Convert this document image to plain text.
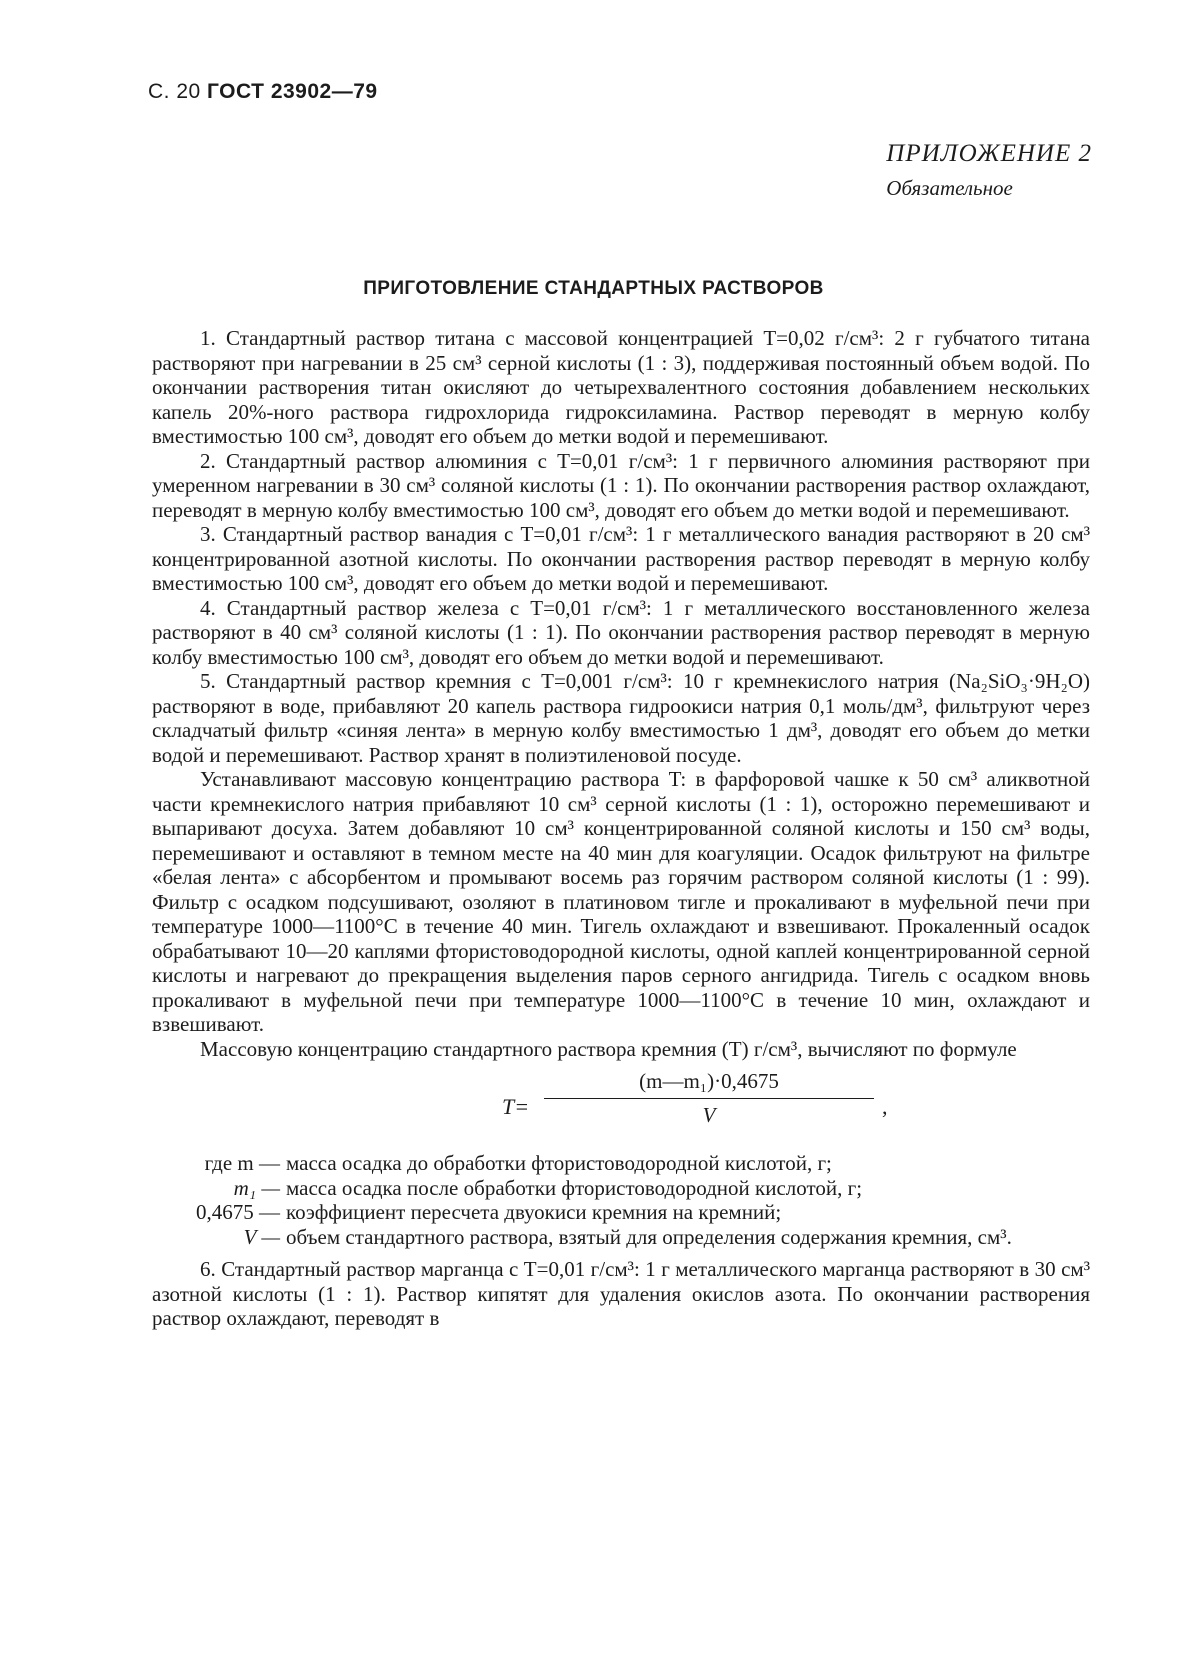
С. 20 ГОСТ 23902—79
ПРИЛОЖЕНИЕ 2
Обязательное
ПРИГОТОВЛЕНИЕ СТАНДАРТНЫХ РАСТВОРОВ

1. Стандартный раствор титана с массовой концентрацией T=0,02 г/см³: 2 г губчатого титана растворяют при нагревании в 25 см³ серной кислоты (1 : 3), поддерживая постоянный объем водой. По окончании растворения титан окисляют до четырехвалентного состояния добавлением нескольких капель 20%-ного раствора гидрохлорида гидроксиламина. Раствор переводят в мерную колбу вместимостью 100 см³, доводят его объем до метки водой и перемешивают.

2. Стандартный раствор алюминия с T=0,01 г/см³: 1 г первичного алюминия растворяют при умеренном нагревании в 30 см³ соляной кислоты (1 : 1). По окончании растворения раствор охлаждают, переводят в мерную колбу вместимостью 100 см³, доводят его объем до метки водой и перемешивают.

3. Стандартный раствор ванадия с T=0,01 г/см³: 1 г металлического ванадия растворяют в 20 см³ концентрированной азотной кислоты. По окончании растворения раствор переводят в мерную колбу вместимостью 100 см³, доводят его объем до метки водой и перемешивают.

4. Стандартный раствор железа с T=0,01 г/см³: 1 г металлического восстановленного железа растворяют в 40 см³ соляной кислоты (1 : 1). По окончании растворения раствор переводят в мерную колбу вместимостью 100 см³, доводят его объем до метки водой и перемешивают.

5. Стандартный раствор кремния с T=0,001 г/см³: 10 г кремнекислого натрия (Na₂SiO₃·9H₂O) растворяют в воде, прибавляют 20 капель раствора гидроокиси натрия 0,1 моль/дм³, фильтруют через складчатый фильтр «синяя лента» в мерную колбу вместимостью 1 дм³, доводят его объем до метки водой и перемешивают. Раствор хранят в полиэтиленовой посуде.

Устанавливают массовую концентрацию раствора T: в фарфоровой чашке к 50 см³ аликвотной части кремнекислого натрия прибавляют 10 см³ серной кислоты (1 : 1), осторожно перемешивают и выпаривают досуха. Затем добавляют 10 см³ концентрированной соляной кислоты и 150 см³ воды, перемешивают и оставляют в темном месте на 40 мин для коагуляции. Осадок фильтруют на фильтре «белая лента» с абсорбентом и промывают восемь раз горячим раствором соляной кислоты (1 : 99). Фильтр с осадком подсушивают, озоляют в платиновом тигле и прокаливают в муфельной печи при температуре 1000—1100°C в течение 40 мин. Тигель охлаждают и взвешивают. Прокаленный осадок обрабатывают 10—20 каплями фтористоводородной кислоты, одной каплей концентрированной серной кислоты и нагревают до прекращения выделения паров серного ангидрида. Тигель с осадком вновь прокаливают в муфельной печи при температуре 1000—1100°C в течение 10 мин, охлаждают и взвешивают.

Массовую концентрацию стандартного раствора кремния (T) г/см³, вычисляют по формуле

$T= \frac{\text{(m—m₁)·0,4675}}{V}$ ,
где m — масса осадка до обработки фтористоводородной кислотой, г;
m₁ — масса осадка после обработки фтористоводородной кислотой, г;
0,4675 — коэффициент пересчета двуокиси кремния на кремний;
V — объем стандартного раствора, взятый для определения содержания кремния, см³.

6. Стандартный раствор марганца с T=0,01 г/см³: 1 г металлического марганца растворяют в 30 см³ азотной кислоты (1 : 1). Раствор кипятят для удаления окислов азота. По окончании растворения раствор охлаждают, переводят в
